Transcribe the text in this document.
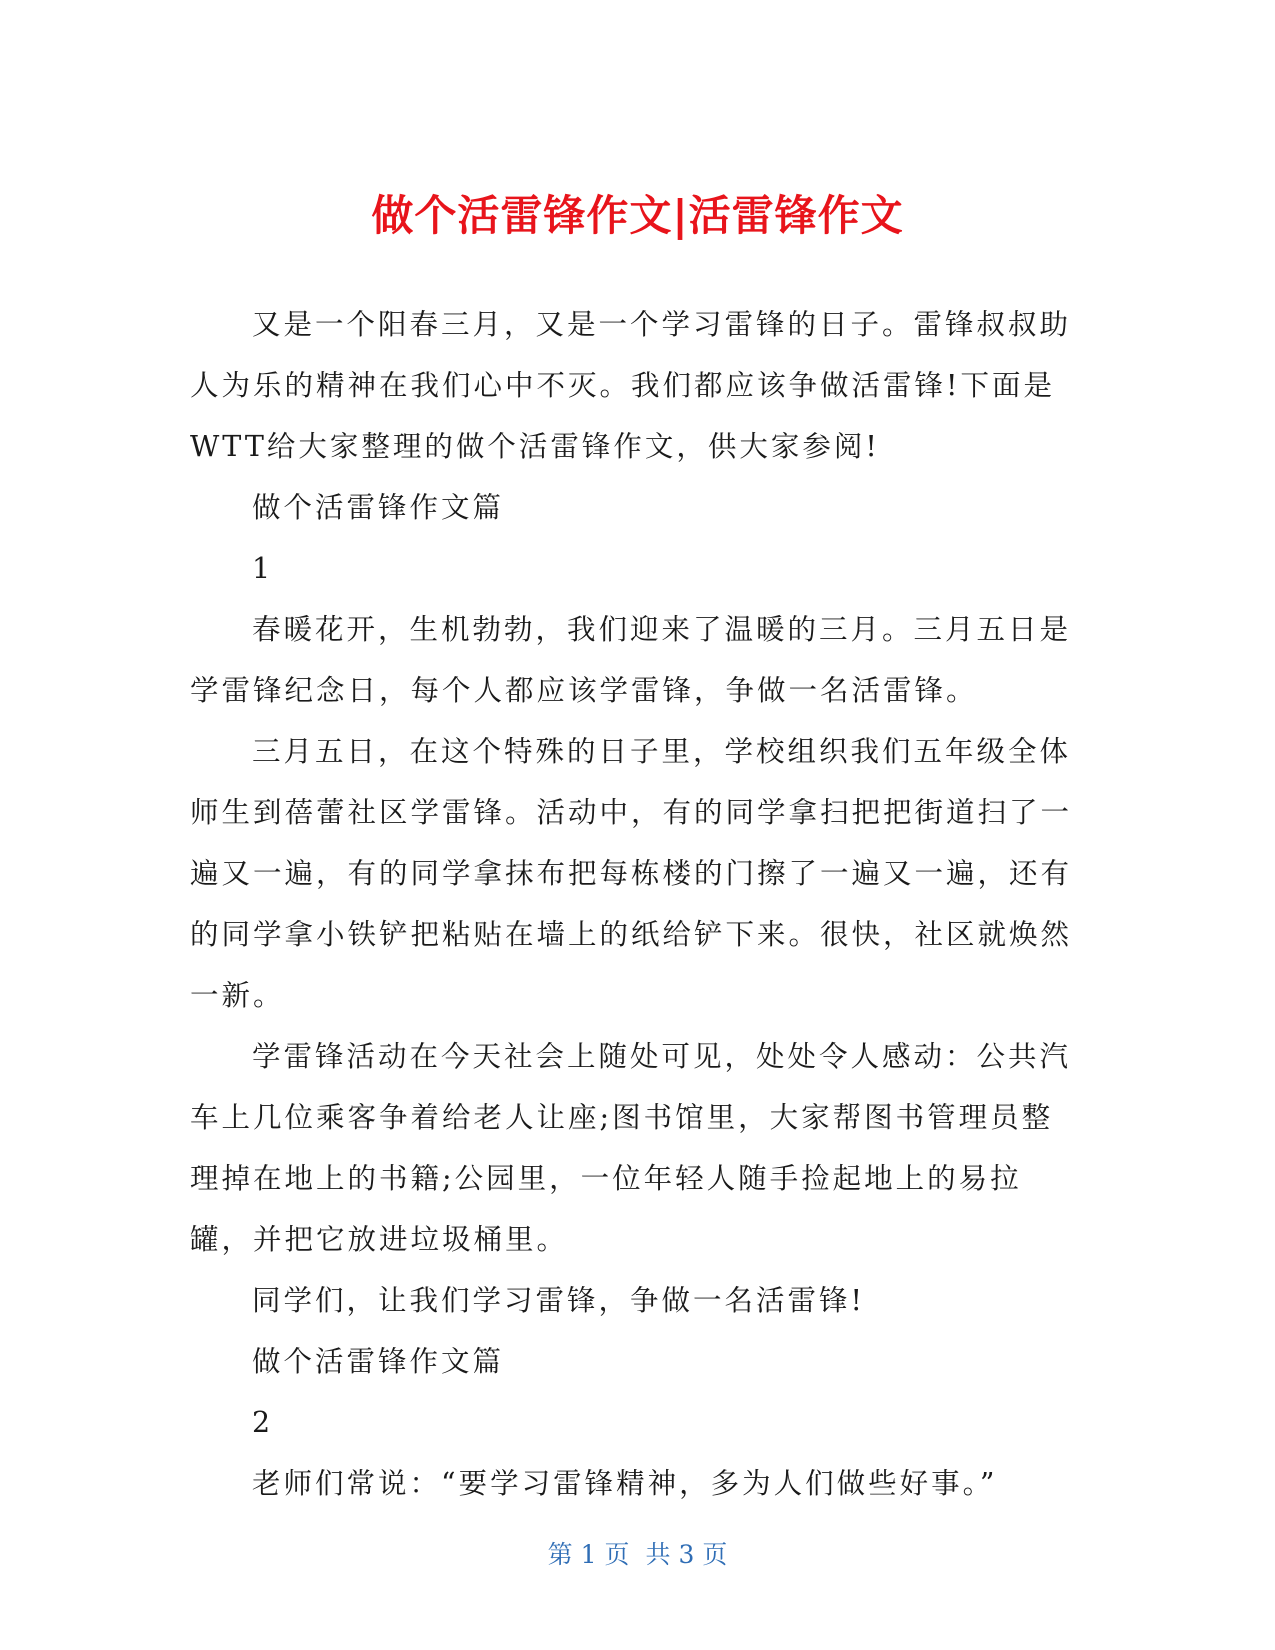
做个活雷锋作文|活雷锋作文

又是一个阳春三月，又是一个学习雷锋的日子。雷锋叔叔助人为乐的精神在我们心中不灭。我们都应该争做活雷锋!下面是WTT给大家整理的做个活雷锋作文，供大家参阅!

做个活雷锋作文篇

1

春暖花开，生机勃勃，我们迎来了温暖的三月。三月五日是学雷锋纪念日，每个人都应该学雷锋，争做一名活雷锋。

三月五日，在这个特殊的日子里，学校组织我们五年级全体师生到蓓蕾社区学雷锋。活动中，有的同学拿扫把把街道扫了一遍又一遍，有的同学拿抹布把每栋楼的门擦了一遍又一遍，还有的同学拿小铁铲把粘贴在墙上的纸给铲下来。很快，社区就焕然一新。

学雷锋活动在今天社会上随处可见，处处令人感动：公共汽车上几位乘客争着给老人让座;图书馆里，大家帮图书管理员整理掉在地上的书籍;公园里，一位年轻人随手捡起地上的易拉罐，并把它放进垃圾桶里。

同学们，让我们学习雷锋，争做一名活雷锋!

做个活雷锋作文篇

2

老师们常说：“要学习雷锋精神，多为人们做些好事。”

第 1 页 共 3 页
